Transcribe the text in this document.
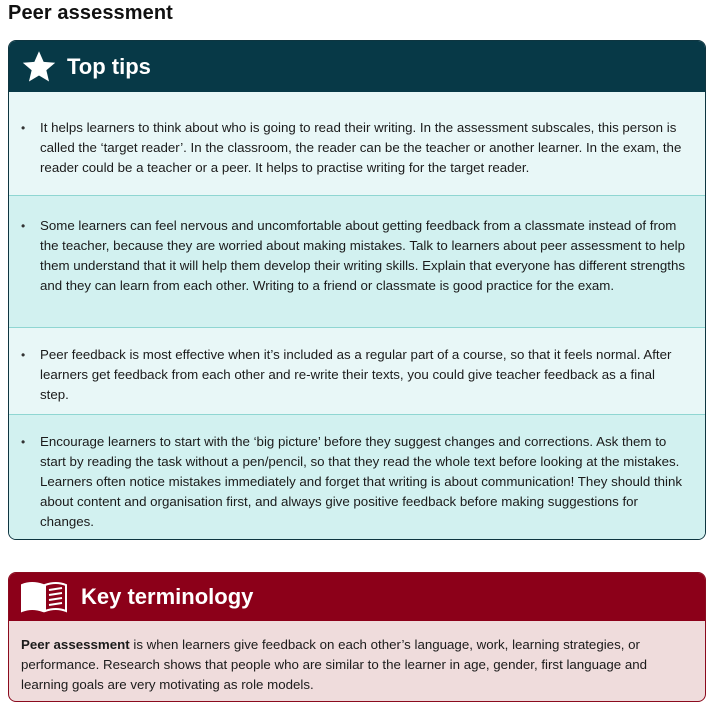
Peer assessment
Top tips
• It helps learners to think about who is going to read their writing. In the assessment subscales, this person is called the ‘target reader’. In the classroom, the reader can be the teacher or another learner. In the exam, the reader could be a teacher or a peer. It helps to practise writing for the target reader.
• Some learners can feel nervous and uncomfortable about getting feedback from a classmate instead of from the teacher, because they are worried about making mistakes. Talk to learners about peer assessment to help them understand that it will help them develop their writing skills. Explain that everyone has different strengths and they can learn from each other. Writing to a friend or classmate is good practice for the exam.
• Peer feedback is most effective when it’s included as a regular part of a course, so that it feels normal. After learners get feedback from each other and re-write their texts, you could give teacher feedback as a final step.
• Encourage learners to start with the ‘big picture’ before they suggest changes and corrections. Ask them to start by reading the task without a pen/pencil, so that they read the whole text before looking at the mistakes. Learners often notice mistakes immediately and forget that writing is about communication! They should think about content and organisation first, and always give positive feedback before making suggestions for changes.
Key terminology
Peer assessment is when learners give feedback on each other’s language, work, learning strategies, or performance. Research shows that people who are similar to the learner in age, gender, first language and learning goals are very motivating as role models.
